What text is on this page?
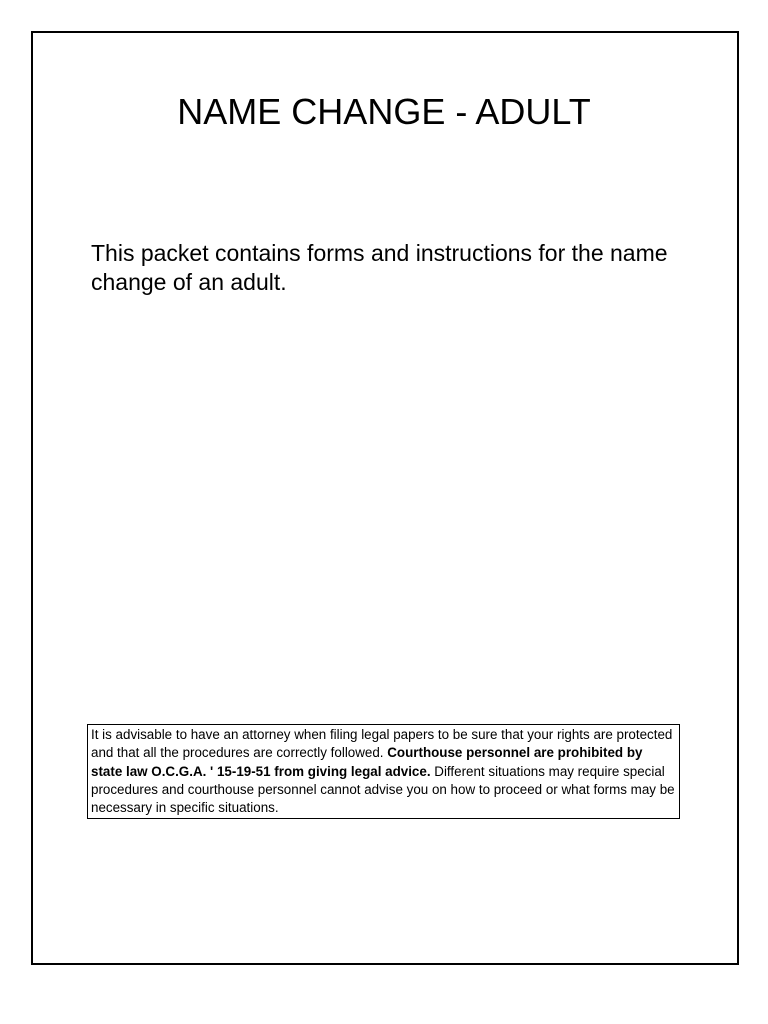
NAME CHANGE - ADULT

This packet contains forms and instructions for the name change of an adult.

It is advisable to have an attorney when filing legal papers to be sure that your rights are protected and that all the procedures are correctly followed. Courthouse personnel are prohibited by state law O.C.G.A. ' 15-19-51 from giving legal advice. Different situations may require special procedures and courthouse personnel cannot advise you on how to proceed or what forms may be necessary in specific situations.
